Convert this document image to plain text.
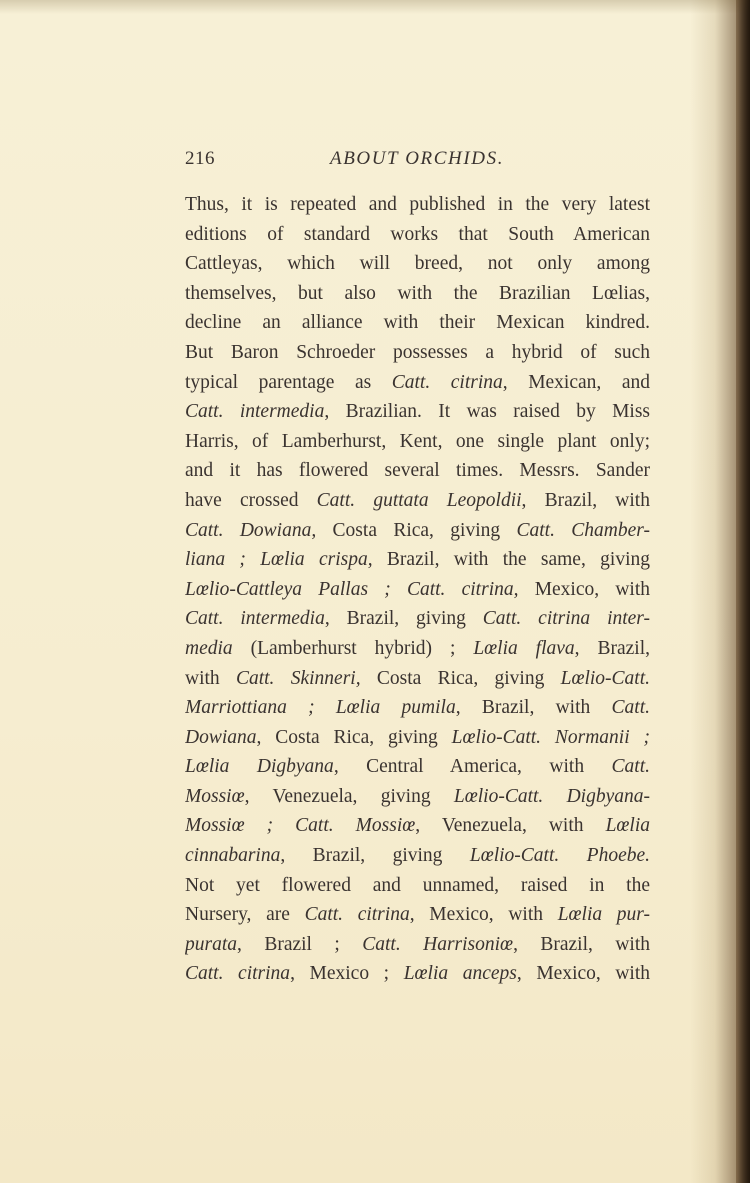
216	ABOUT ORCHIDS.
Thus, it is repeated and published in the very latest
editions of standard works that South American
Cattleyas, which will breed, not only among
themselves, but also with the Brazilian Lœlias,
decline an alliance with their Mexican kindred.
But Baron Schroeder possesses a hybrid of such
typical parentage as Catt. citrina, Mexican, and
Catt. intermedia, Brazilian. It was raised by Miss
Harris, of Lamberhurst, Kent, one single plant only;
and it has flowered several times. Messrs. Sander
have crossed Catt. guttata Leopoldii, Brazil, with
Catt. Dowiana, Costa Rica, giving Catt. Chamber-
liana ; Lœlia crispa, Brazil, with the same, giving
Lœlio-Cattleya Pallas ; Catt. citrina, Mexico, with
Catt. intermedia, Brazil, giving Catt. citrina inter-
media (Lamberhurst hybrid) ; Lœlia flava, Brazil,
with Catt. Skinneri, Costa Rica, giving Lœlio-Catt.
Marriottiana ; Lœlia pumila, Brazil, with Catt.
Dowiana, Costa Rica, giving Lœlio-Catt. Normanii ;
Lœlia Digbyana, Central America, with Catt.
Mossiœ, Venezuela, giving Lœlio-Catt. Digbyana-
Mossiœ ; Catt. Mossiœ, Venezuela, with Lœlia
cinnabarina, Brazil, giving Lœlio-Catt. Phoebe.
Not yet flowered and unnamed, raised in the
Nursery, are Catt. citrina, Mexico, with Lœlia pur-
purata, Brazil ; Catt. Harrisoniœ, Brazil, with
Catt. citrina, Mexico ; Lœlia anceps, Mexico, with
